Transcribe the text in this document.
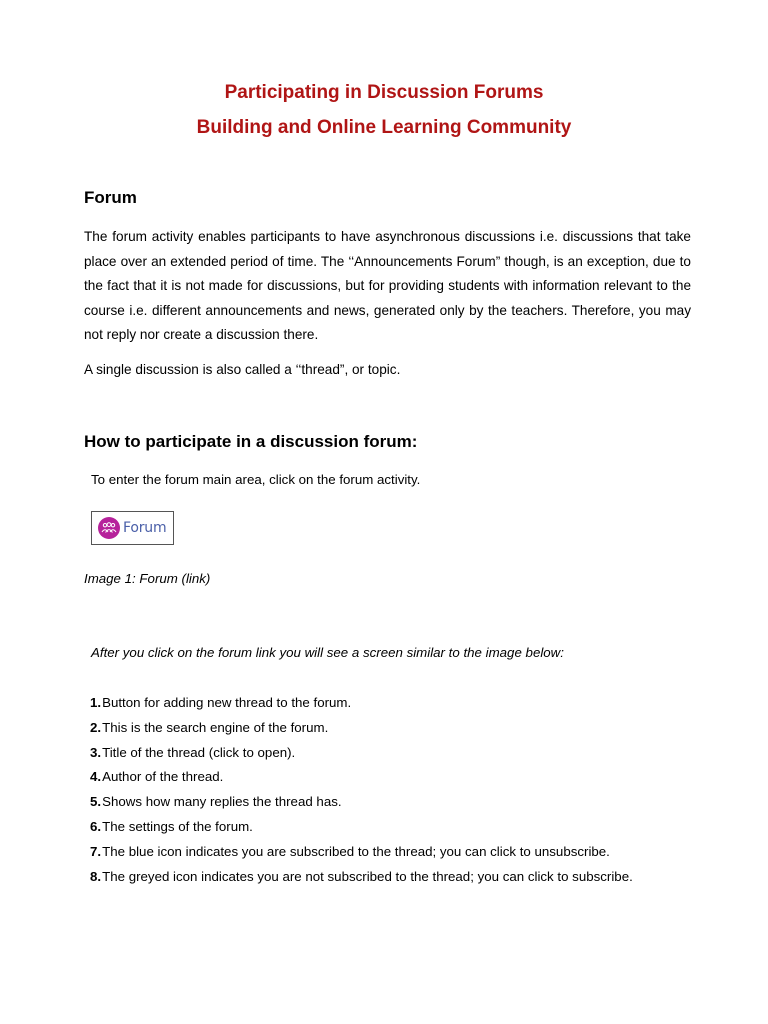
Participating in Discussion Forums
Building and Online Learning Community
Forum

The forum activity enables participants to have asynchronous discussions i.e. discussions that take place over an extended period of time. The ‘‘Announcements Forum” though, is an exception, due to the fact that it is not made for discussions, but for providing students with information relevant to the course i.e. different announcements and news, generated only by the teachers. Therefore, you may not reply nor create a discussion there.

A single discussion is also called a ‘‘thread”, or topic.

How to participate in a discussion forum:

To enter the forum main area, click on the forum activity.

Forum

Image 1: Forum (link)

After you click on the forum link you will see a screen similar to the image below:

1.Button for adding new thread to the forum.
2.This is the search engine of the forum.
3.Title of the thread (click to open).
4.Author of the thread.
5.Shows how many replies the thread has.
6.The settings of the forum.
7.The blue icon indicates you are subscribed to the thread; you can click to unsubscribe.
8.The greyed icon indicates you are not subscribed to the thread; you can click to subscribe.
